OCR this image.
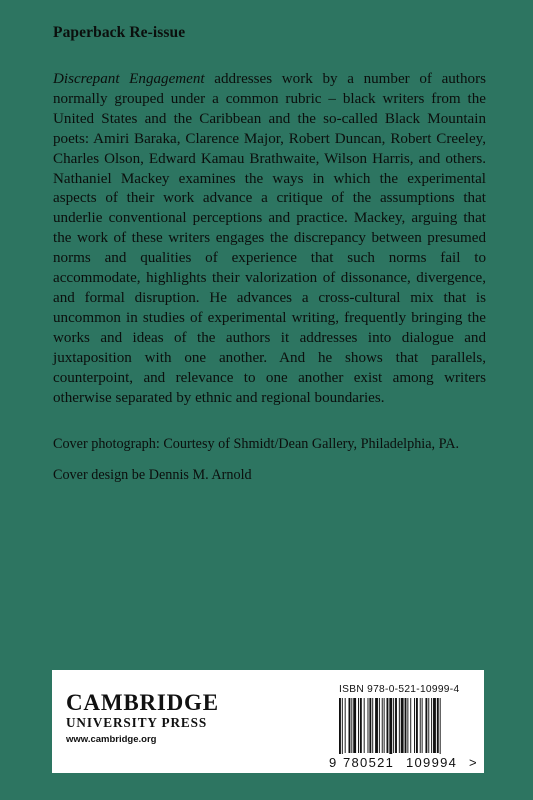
Paperback Re-issue

Discrepant Engagement addresses work by a number of authors normally grouped under a common rubric – black writers from the United States and the Caribbean and the so-called Black Mountain poets: Amiri Baraka, Clarence Major, Robert Duncan, Robert Creeley, Charles Olson, Edward Kamau Brathwaite, Wilson Harris, and others. Nathaniel Mackey examines the ways in which the experimental aspects of their work advance a critique of the assumptions that underlie conventional perceptions and practice. Mackey, arguing that the work of these writers engages the discrepancy between presumed norms and qualities of experience that such norms fail to accommodate, highlights their valorization of dissonance, divergence, and formal disruption. He advances a cross-cultural mix that is uncommon in studies of experimental writing, frequently bringing the works and ideas of the authors it addresses into dialogue and juxtaposition with one another. And he shows that parallels, counterpoint, and relevance to one another exist among writers otherwise separated by ethnic and regional boundaries.

Cover photograph: Courtesy of Shmidt/Dean Gallery, Philadelphia, PA.
Cover design be Dennis M. Arnold
CAMBRIDGE
UNIVERSITY PRESS
www.cambridge.org
ISBN 978-0-521-10999-4
9 780521 109994 >
